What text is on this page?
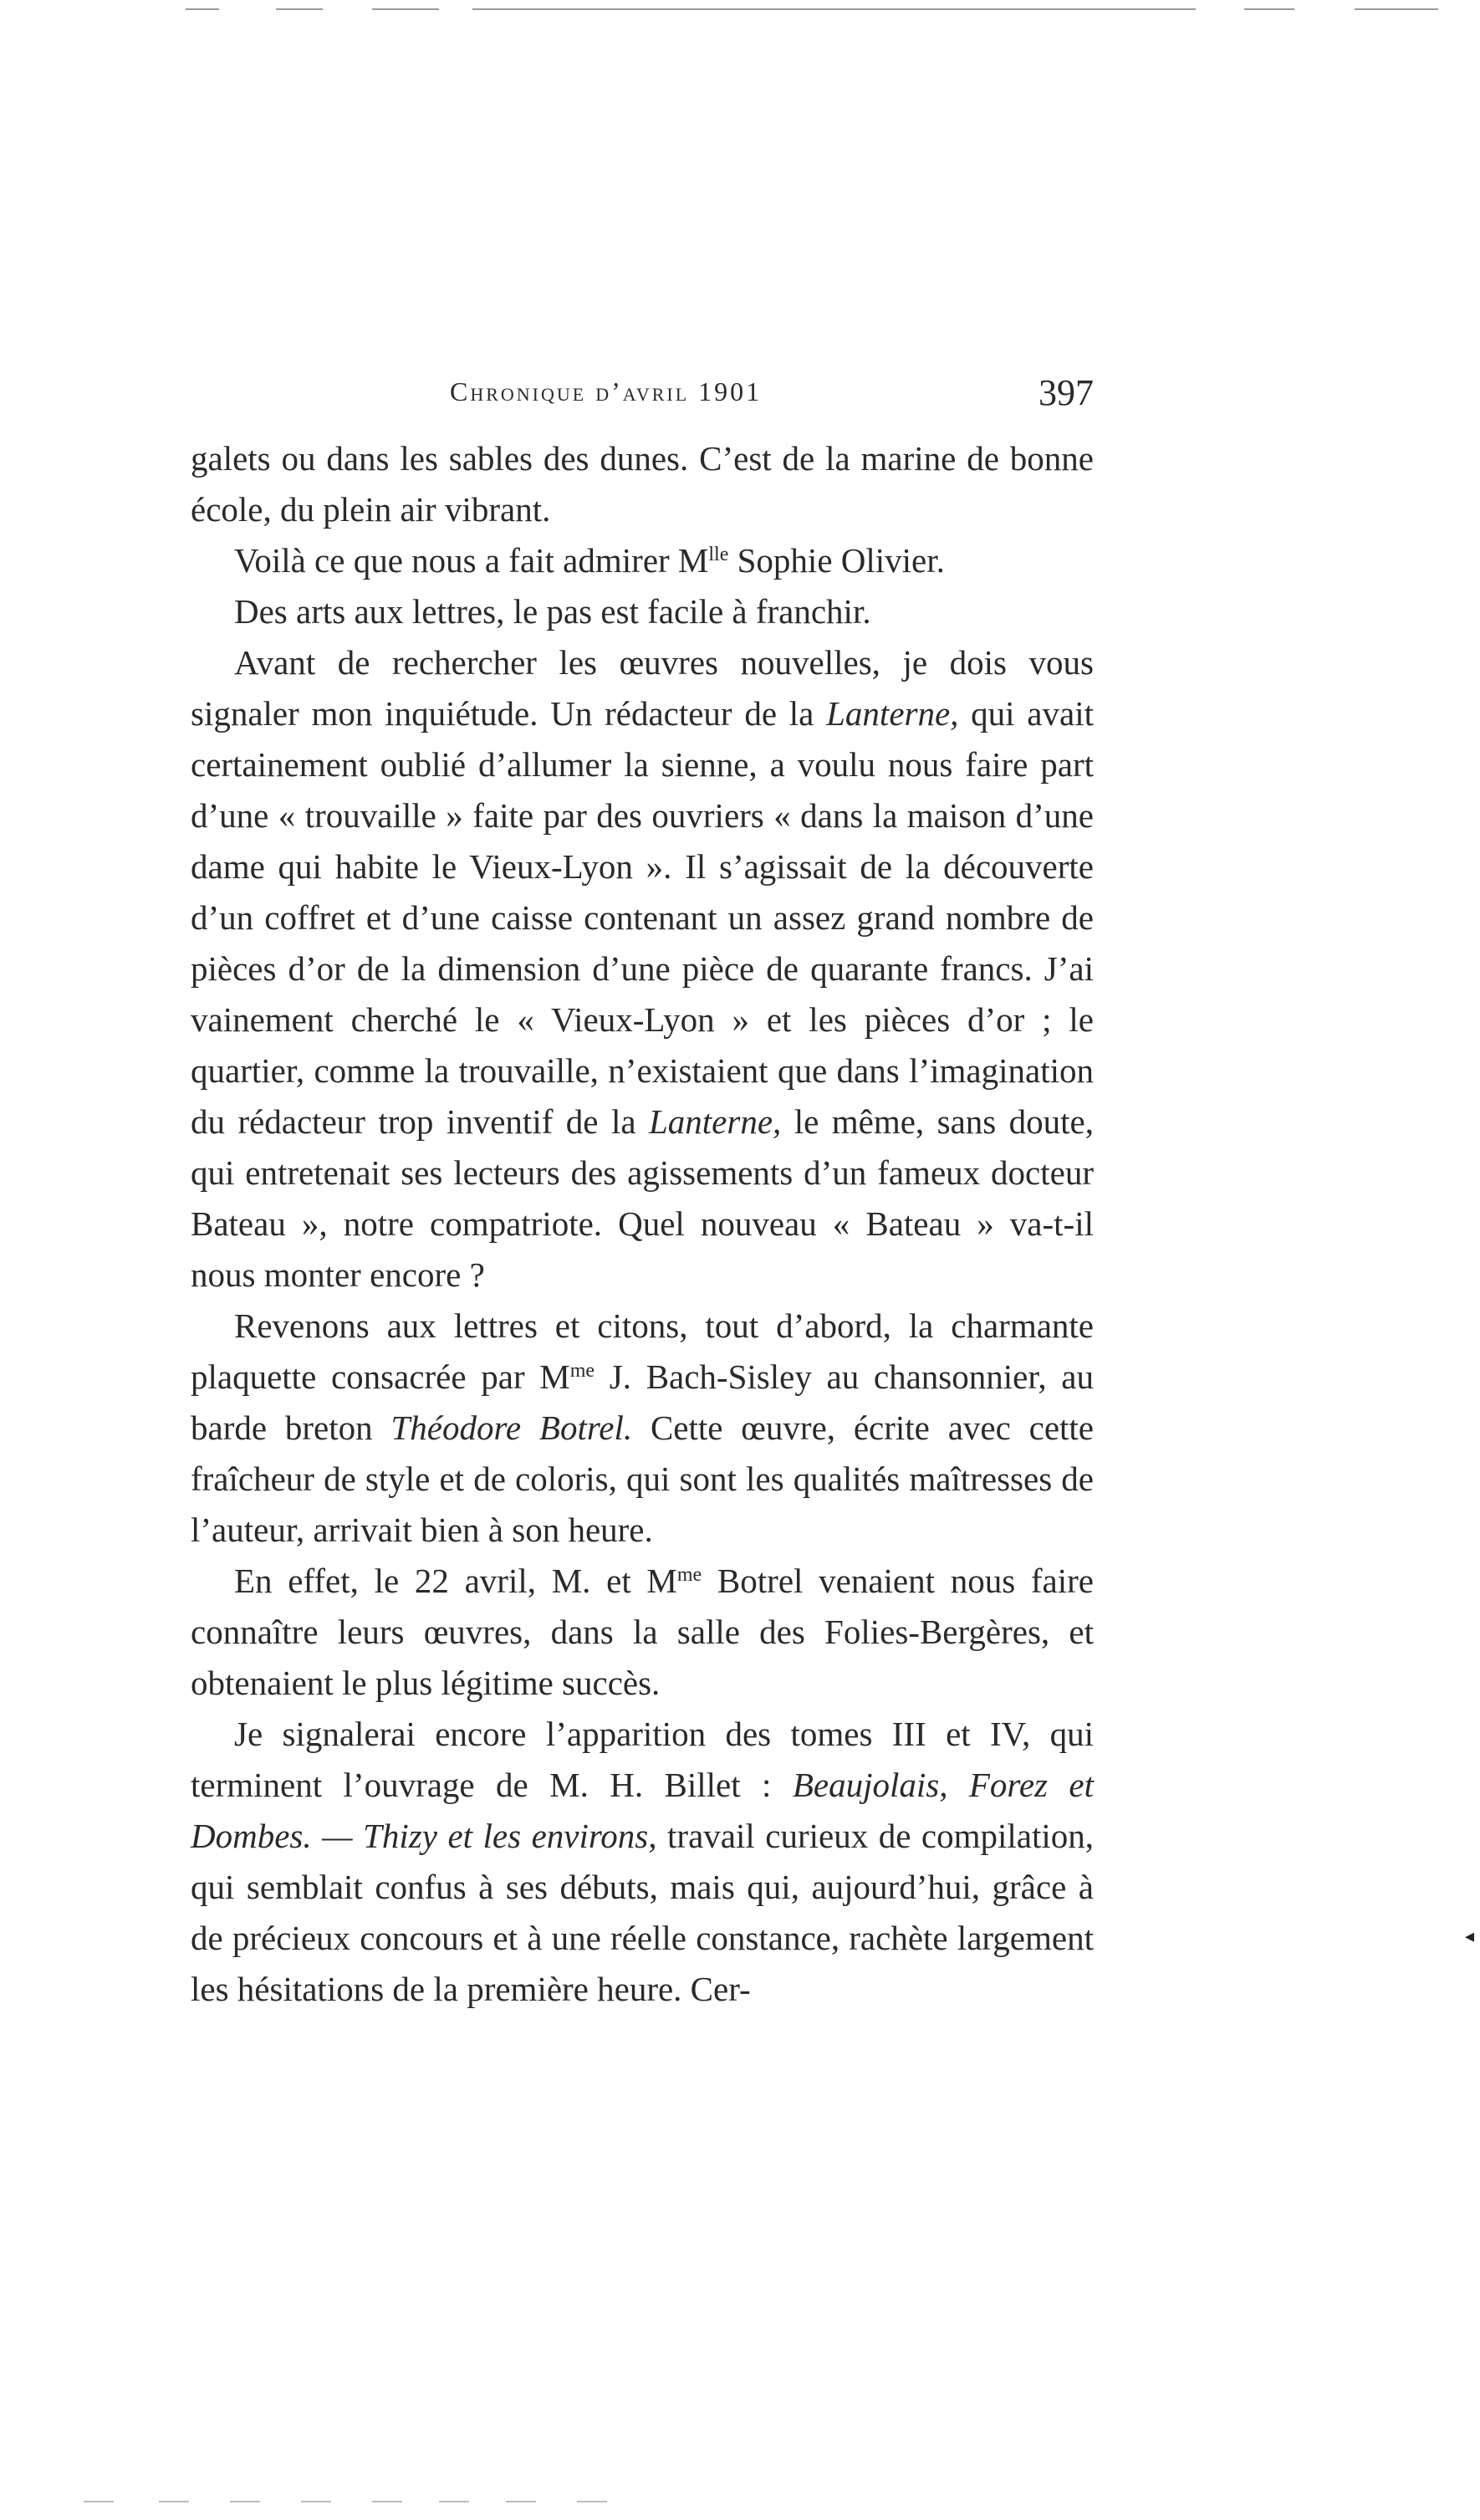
Chronique d’avril 1901	397

galets ou dans les sables des dunes. C’est de la marine de bonne école, du plein air vibrant.

Voilà ce que nous a fait admirer $M^{lle}$ Sophie Olivier.

Des arts aux lettres, le pas est facile à franchir.

Avant de rechercher les œuvres nouvelles, je dois vous signaler mon inquiétude. Un rédacteur de la Lanterne, qui avait certainement oublié d’allumer la sienne, a voulu nous faire part d’une « trouvaille » faite par des ouvriers « dans la maison d’une dame qui habite le Vieux-Lyon ». Il s’agissait de la découverte d’un coffret et d’une caisse contenant un assez grand nombre de pièces d’or de la dimension d’une pièce de quarante francs. J’ai vainement cherché le « Vieux-Lyon » et les pièces d’or ; le quartier, comme la trouvaille, n’existaient que dans l’imagination du rédacteur trop inventif de la Lanterne, le même, sans doute, qui entretenait ses lecteurs des agissements d’un fameux docteur Bateau », notre compatriote. Quel nouveau « Bateau » va-t-il nous monter encore ?

Revenons aux lettres et citons, tout d’abord, la charmante plaquette consacrée par $M^{me}$ J. Bach-Sisley au chansonnier, au barde breton Théodore Botrel. Cette œuvre, écrite avec cette fraîcheur de style et de coloris, qui sont les qualités maîtresses de l’auteur, arrivait bien à son heure.

En effet, le 22 avril, M. et $M^{me}$ Botrel venaient nous faire connaître leurs œuvres, dans la salle des Folies-Bergères, et obtenaient le plus légitime succès.

Je signalerai encore l’apparition des tomes III et IV, qui terminent l’ouvrage de M. H. Billet : Beaujolais, Forez et Dombes. — Thizy et les environs, travail curieux de compilation, qui semblait confus à ses débuts, mais qui, aujourd’hui, grâce à de précieux concours et à une réelle constance, rachète largement les hésitations de la première heure. Cer-

◂
